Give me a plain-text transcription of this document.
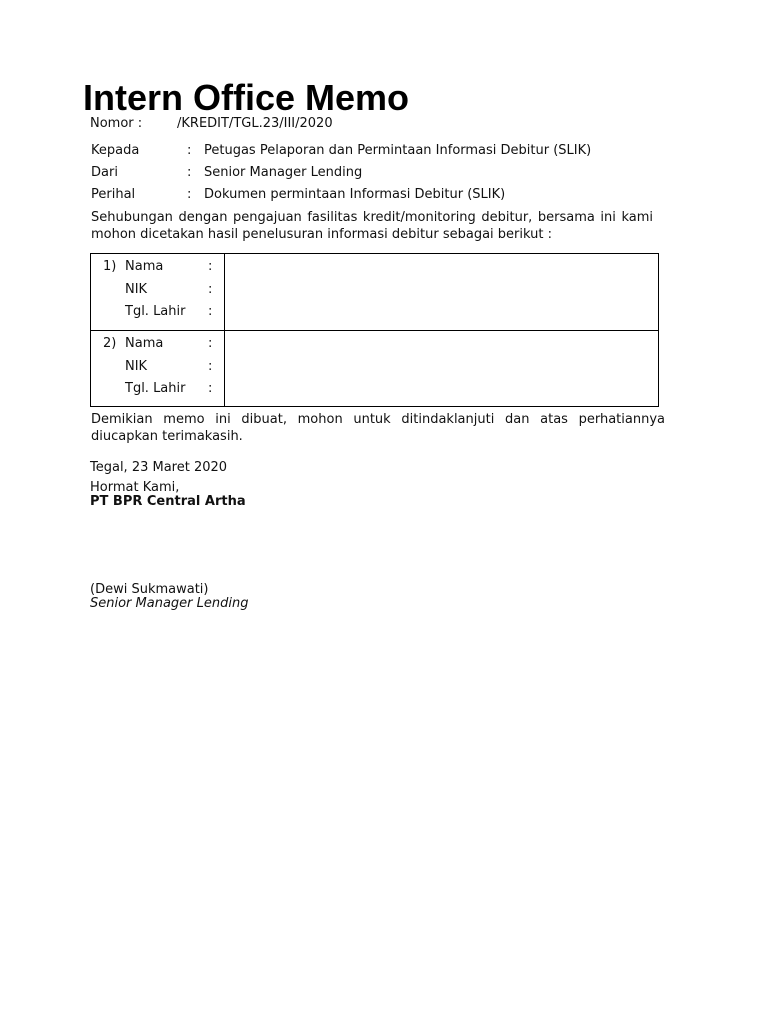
Intern Office Memo
Nomor :	/KREDIT/TGL.23/III/2020
Kepada	: Petugas Pelaporan dan Permintaan Informasi Debitur (SLIK)
Dari	: Senior Manager Lending
Perihal	: Dokumen permintaan Informasi Debitur (SLIK)

Sehubungan dengan pengajuan fasilitas kredit/monitoring debitur, bersama ini kami mohon dicetakan hasil penelusuran informasi debitur sebagai berikut :

1) Nama	:
NIK	:
Tgl. Lahir :
2) Nama	:
NIK	:
Tgl. Lahir :

Demikian memo ini dibuat, mohon untuk ditindaklanjuti dan atas perhatiannya diucapkan terimakasih.

Tegal, 23 Maret 2020
Hormat Kami,
PT BPR Central Artha
(Dewi Sukmawati)
Senior Manager Lending
